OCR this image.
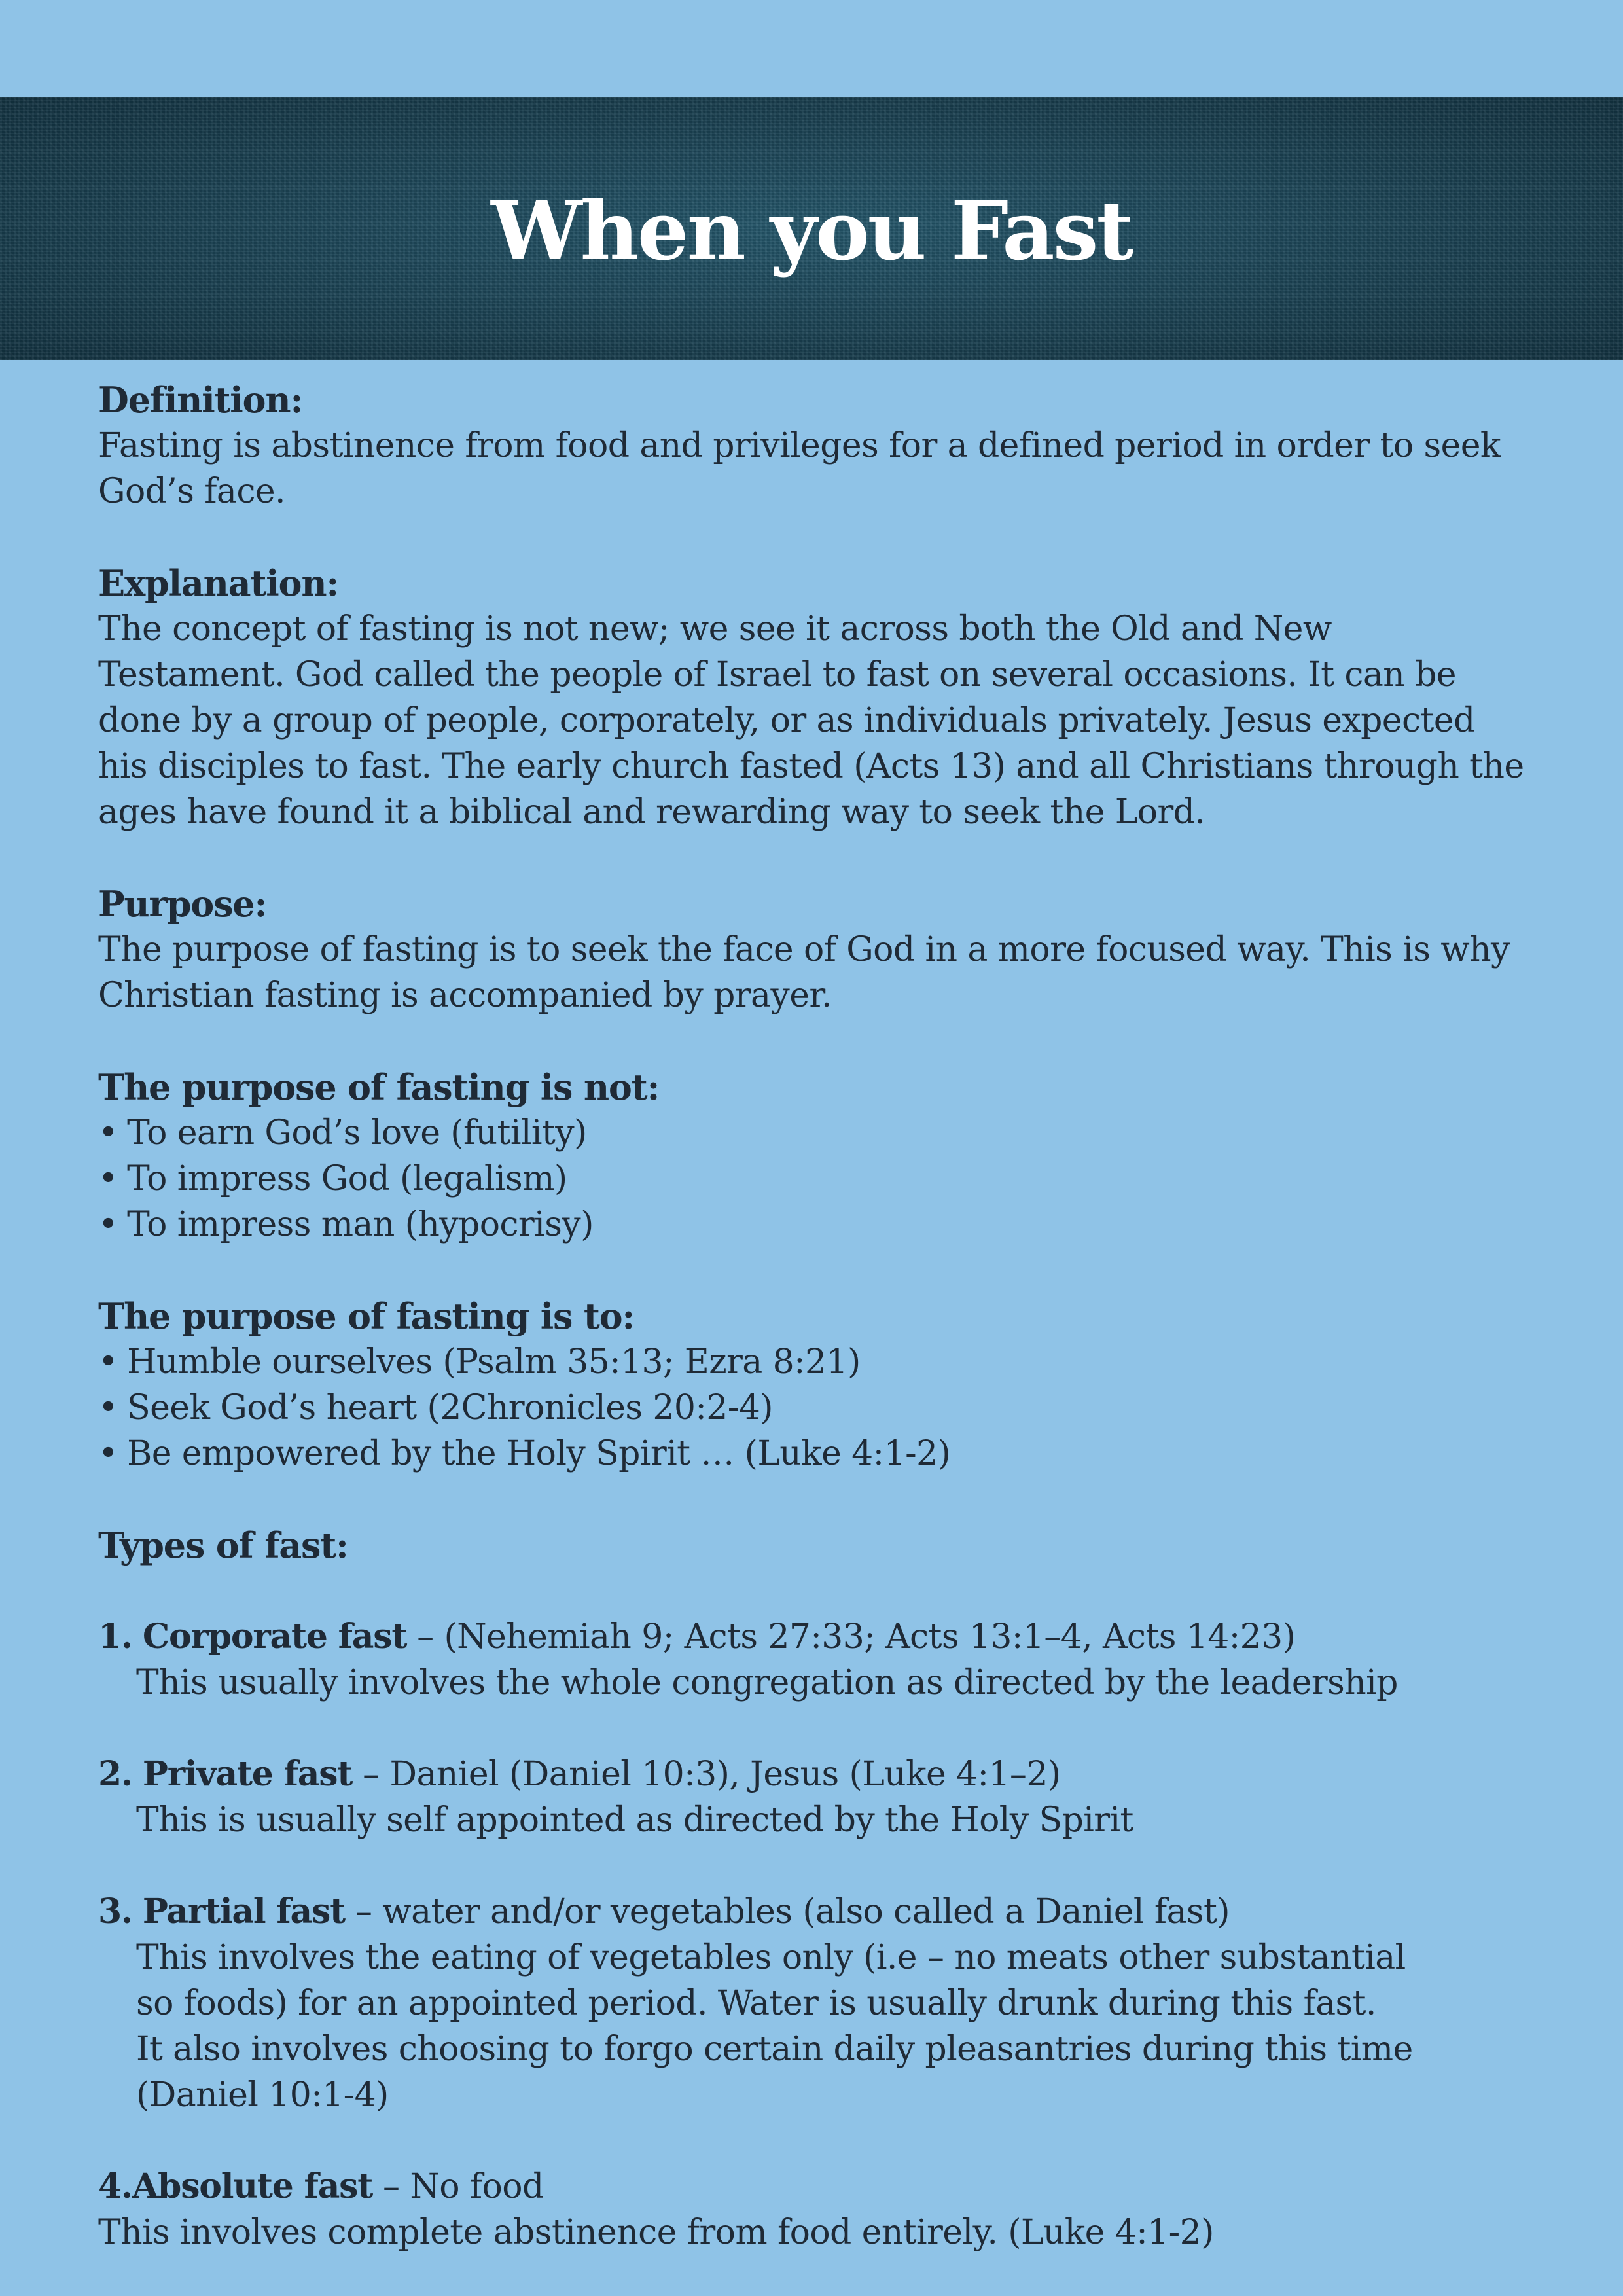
When you Fast

Definition:

Fasting is abstinence from food and privileges for a defined period in order to seek
God’s face.

Explanation:

The concept of fasting is not new; we see it across both the Old and New
Testament. God called the people of Israel to fast on several occasions. It can be
done by a group of people, corporately, or as individuals privately. Jesus expected
his disciples to fast. The early church fasted (Acts 13) and all Christians through the
ages have found it a biblical and rewarding way to seek the Lord.

Purpose:

The purpose of fasting is to seek the face of God in a more focused way. This is why
Christian fasting is accompanied by prayer.

The purpose of fasting is not:

• To earn God’s love (futility)
• To impress God (legalism)
• To impress man (hypocrisy)

The purpose of fasting is to:

• Humble ourselves (Psalm 35:13; Ezra 8:21)
• Seek God’s heart (2Chronicles 20:2-4)
• Be empowered by the Holy Spirit … (Luke 4:1-2)

Types of fast:

1. Corporate fast – (Nehemiah 9; Acts 27:33; Acts 13:1–4, Acts 14:23)

This usually involves the whole congregation as directed by the leadership

2. Private fast – Daniel (Daniel 10:3), Jesus (Luke 4:1–2)

This is usually self appointed as directed by the Holy Spirit

3. Partial fast – water and/or vegetables (also called a Daniel fast)

This involves the eating of vegetables only (i.e – no meats other substantial
so foods) for an appointed period. Water is usually drunk during this fast.
It also involves choosing to forgo certain daily pleasantries during this time
(Daniel 10:1-4)

4.Absolute fast – No food

This involves complete abstinence from food entirely. (Luke 4:1-2)
